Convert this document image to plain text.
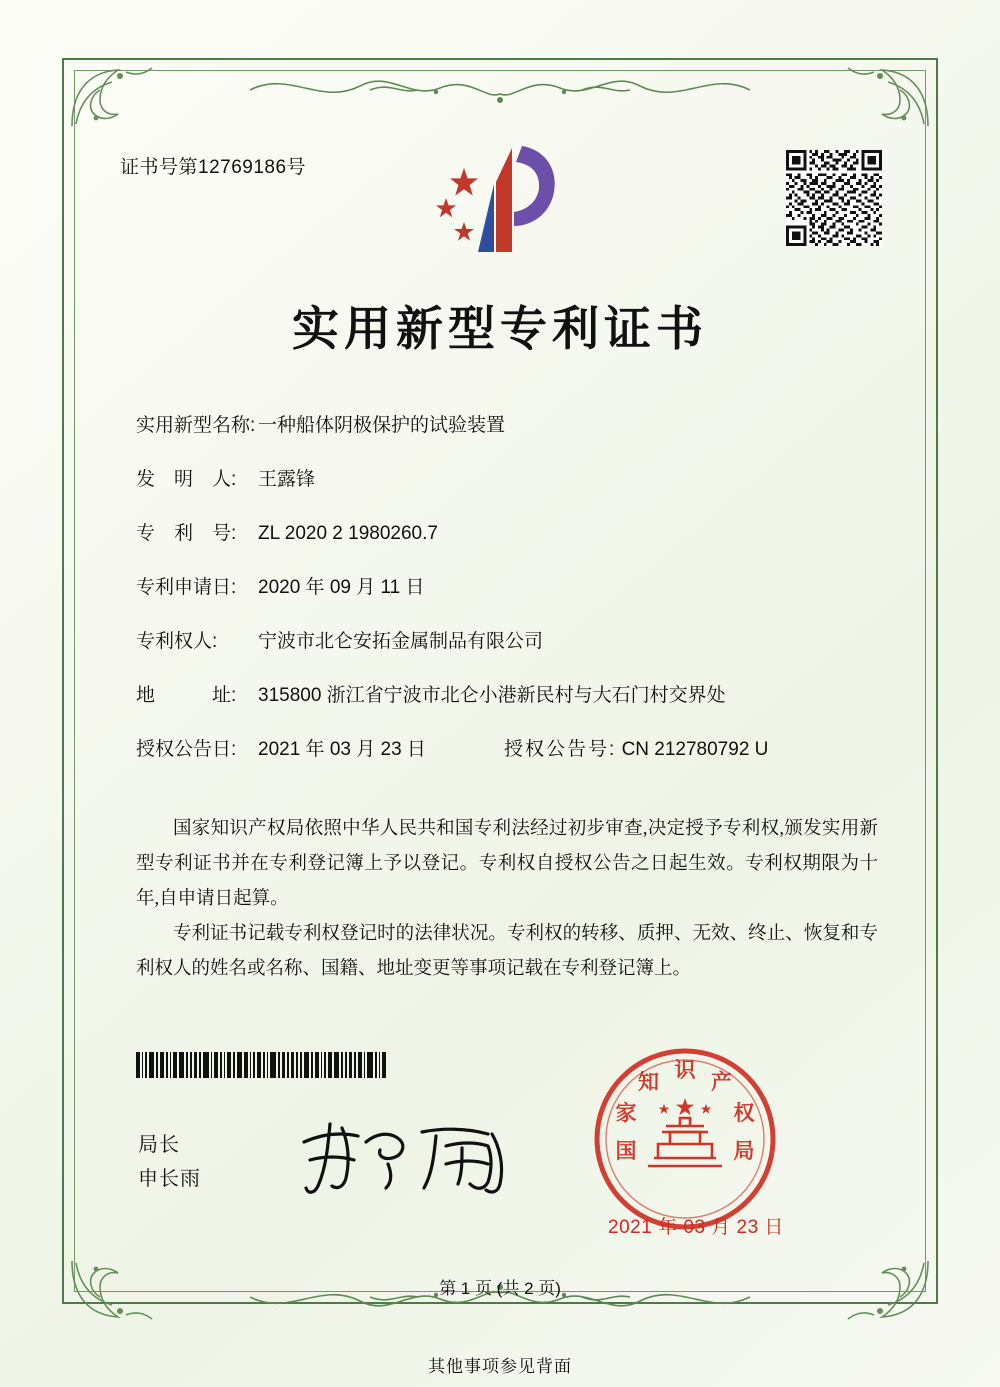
证书号第12769186号
实用新型专利证书
实用新型名称: 一种船体阴极保护的试验装置
发　明　人: 王露锋
专　利　号: ZL 2020 2 1980260.7
专利申请日: 2020 年 09 月 11 日
专利权人: 宁波市北仑安拓金属制品有限公司
地　　　址: 315800 浙江省宁波市北仑小港新民村与大石门村交界处
授权公告日: 2021 年 03 月 23 日	授权公告号: CN 212780792 U

国家知识产权局依照中华人民共和国专利法经过初步审查,决定授予专利权,颁发实用新型专利证书并在专利登记簿上予以登记。专利权自授权公告之日起生效。专利权期限为十年,自申请日起算。

专利证书记载专利权登记时的法律状况。专利权的转移、质押、无效、终止、恢复和专利权人的姓名或名称、国籍、地址变更等事项记载在专利登记簿上。

局长
申长雨
国
家
知 识 产
权
局
2021 年 03 月 23 日
第 1 页 (共 2 页)
其他事项参见背面
